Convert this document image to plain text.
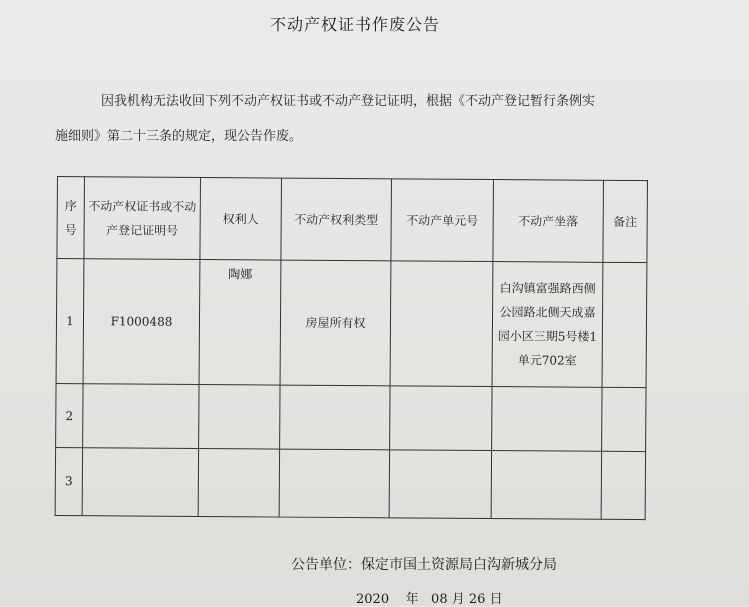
不动产权证书作废公告
因我机构无法收回下列不动产权证书或不动产登记证明，根据《不动产登记暂行条例实
施细则》第二十三条的规定，现公告作废。
序号	不动产权证书或不动产登记证明号	权利人	不动产权利类型	不动产单元号	不动产坐落	备注
1	F1000488	陶娜	房屋所有权		白沟镇富强路西侧公园路北侧天成嘉园小区三期5号楼1单元702室	
2						
3						
公告单位：保定市国土资源局白沟新城分局
2020 年 08 月 26 日
